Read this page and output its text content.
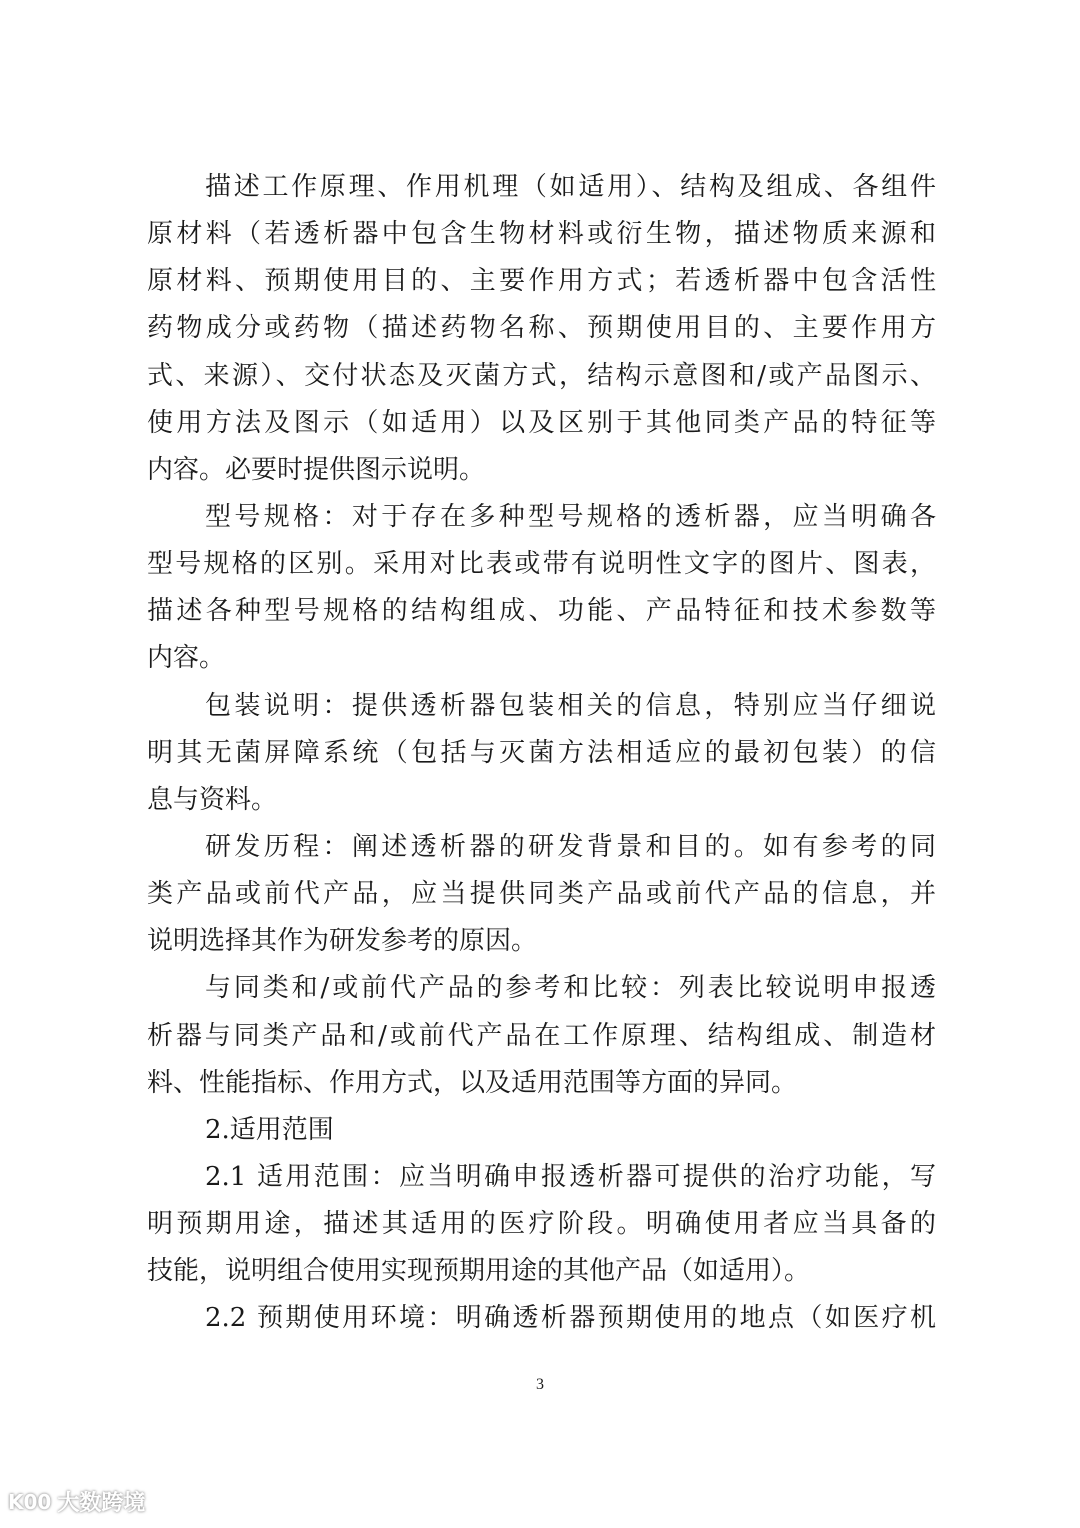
描述工作原理、作用机理（如适用）、结构及组成、各组件
原材料（若透析器中包含生物材料或衍生物，描述物质来源和
原材料、预期使用目的、主要作用方式；若透析器中包含活性
药物成分或药物（描述药物名称、预期使用目的、主要作用方
式、来源）、交付状态及灭菌方式，结构示意图和/或产品图示、
使用方法及图示（如适用）以及区别于其他同类产品的特征等
内容。必要时提供图示说明。
型号规格：对于存在多种型号规格的透析器，应当明确各
型号规格的区别。采用对比表或带有说明性文字的图片、图表，
描述各种型号规格的结构组成、功能、产品特征和技术参数等
内容。
包装说明：提供透析器包装相关的信息，特别应当仔细说
明其无菌屏障系统（包括与灭菌方法相适应的最初包装）的信
息与资料。
研发历程：阐述透析器的研发背景和目的。如有参考的同
类产品或前代产品，应当提供同类产品或前代产品的信息，并
说明选择其作为研发参考的原因。
与同类和/或前代产品的参考和比较：列表比较说明申报透
析器与同类产品和/或前代产品在工作原理、结构组成、制造材
料、性能指标、作用方式，以及适用范围等方面的异同。
2.适用范围
2.1 适用范围：应当明确申报透析器可提供的治疗功能，写
明预期用途，描述其适用的医疗阶段。明确使用者应当具备的
技能，说明组合使用实现预期用途的其他产品（如适用）。
2.2 预期使用环境：明确透析器预期使用的地点（如医疗机
3
K00 大数跨境
